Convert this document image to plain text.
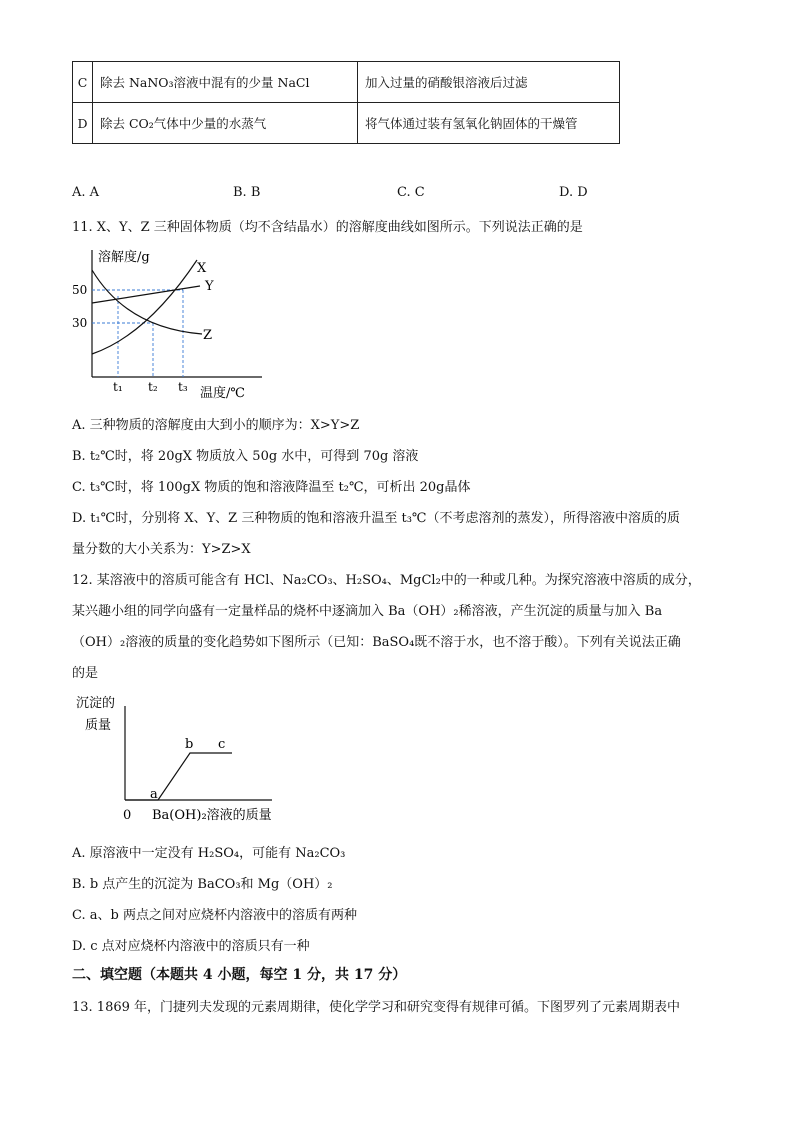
C	除去 NaNO₃溶液中混有的少量 NaCl	加入过量的硝酸银溶液后过滤
D	除去 CO₂气体中少量的水蒸气	将气体通过装有氢氧化钠固体的干燥管
A. A	B. B	C. C	D. D
11. X、Y、Z 三种固体物质（均不含结晶水）的溶解度曲线如图所示。下列说法正确的是
溶解度/g
X
Y
Z
50
30
t₁ t₂ t₃ 温度/℃
A. 三种物质的溶解度由大到小的顺序为：X>Y>Z
B. t₂℃时，将 20gX 物质放入 50g 水中，可得到 70g 溶液
C. t₃℃时，将 100gX 物质的饱和溶液降温至 t₂℃，可析出 20g晶体
D. t₁℃时，分别将 X、Y、Z 三种物质的饱和溶液升温至 t₃℃（不考虑溶剂的蒸发），所得溶液中溶质的质
量分数的大小关系为：Y>Z>X
12. 某溶液中的溶质可能含有 HCl、Na₂CO₃、H₂SO₄、MgCl₂中的一种或几种。为探究溶液中溶质的成分，
某兴趣小组的同学向盛有一定量样品的烧杯中逐滴加入 Ba（OH）₂稀溶液，产生沉淀的质量与加入 Ba
（OH）₂溶液的质量的变化趋势如下图所示（已知：BaSO₄既不溶于水，也不溶于酸）。下列有关说法正确
的是
沉淀的
质量
a
b c
0 Ba(OH)₂溶液的质量
A. 原溶液中一定没有 H₂SO₄，可能有 Na₂CO₃
B. b 点产生的沉淀为 BaCO₃和 Mg（OH）₂
C. a、b 两点之间对应烧杯内溶液中的溶质有两种
D. c 点对应烧杯内溶液中的溶质只有一种
二、填空题（本题共 4 小题，每空 1 分，共 17 分）
13. 1869 年，门捷列夫发现的元素周期律，使化学学习和研究变得有规律可循。下图罗列了元素周期表中
